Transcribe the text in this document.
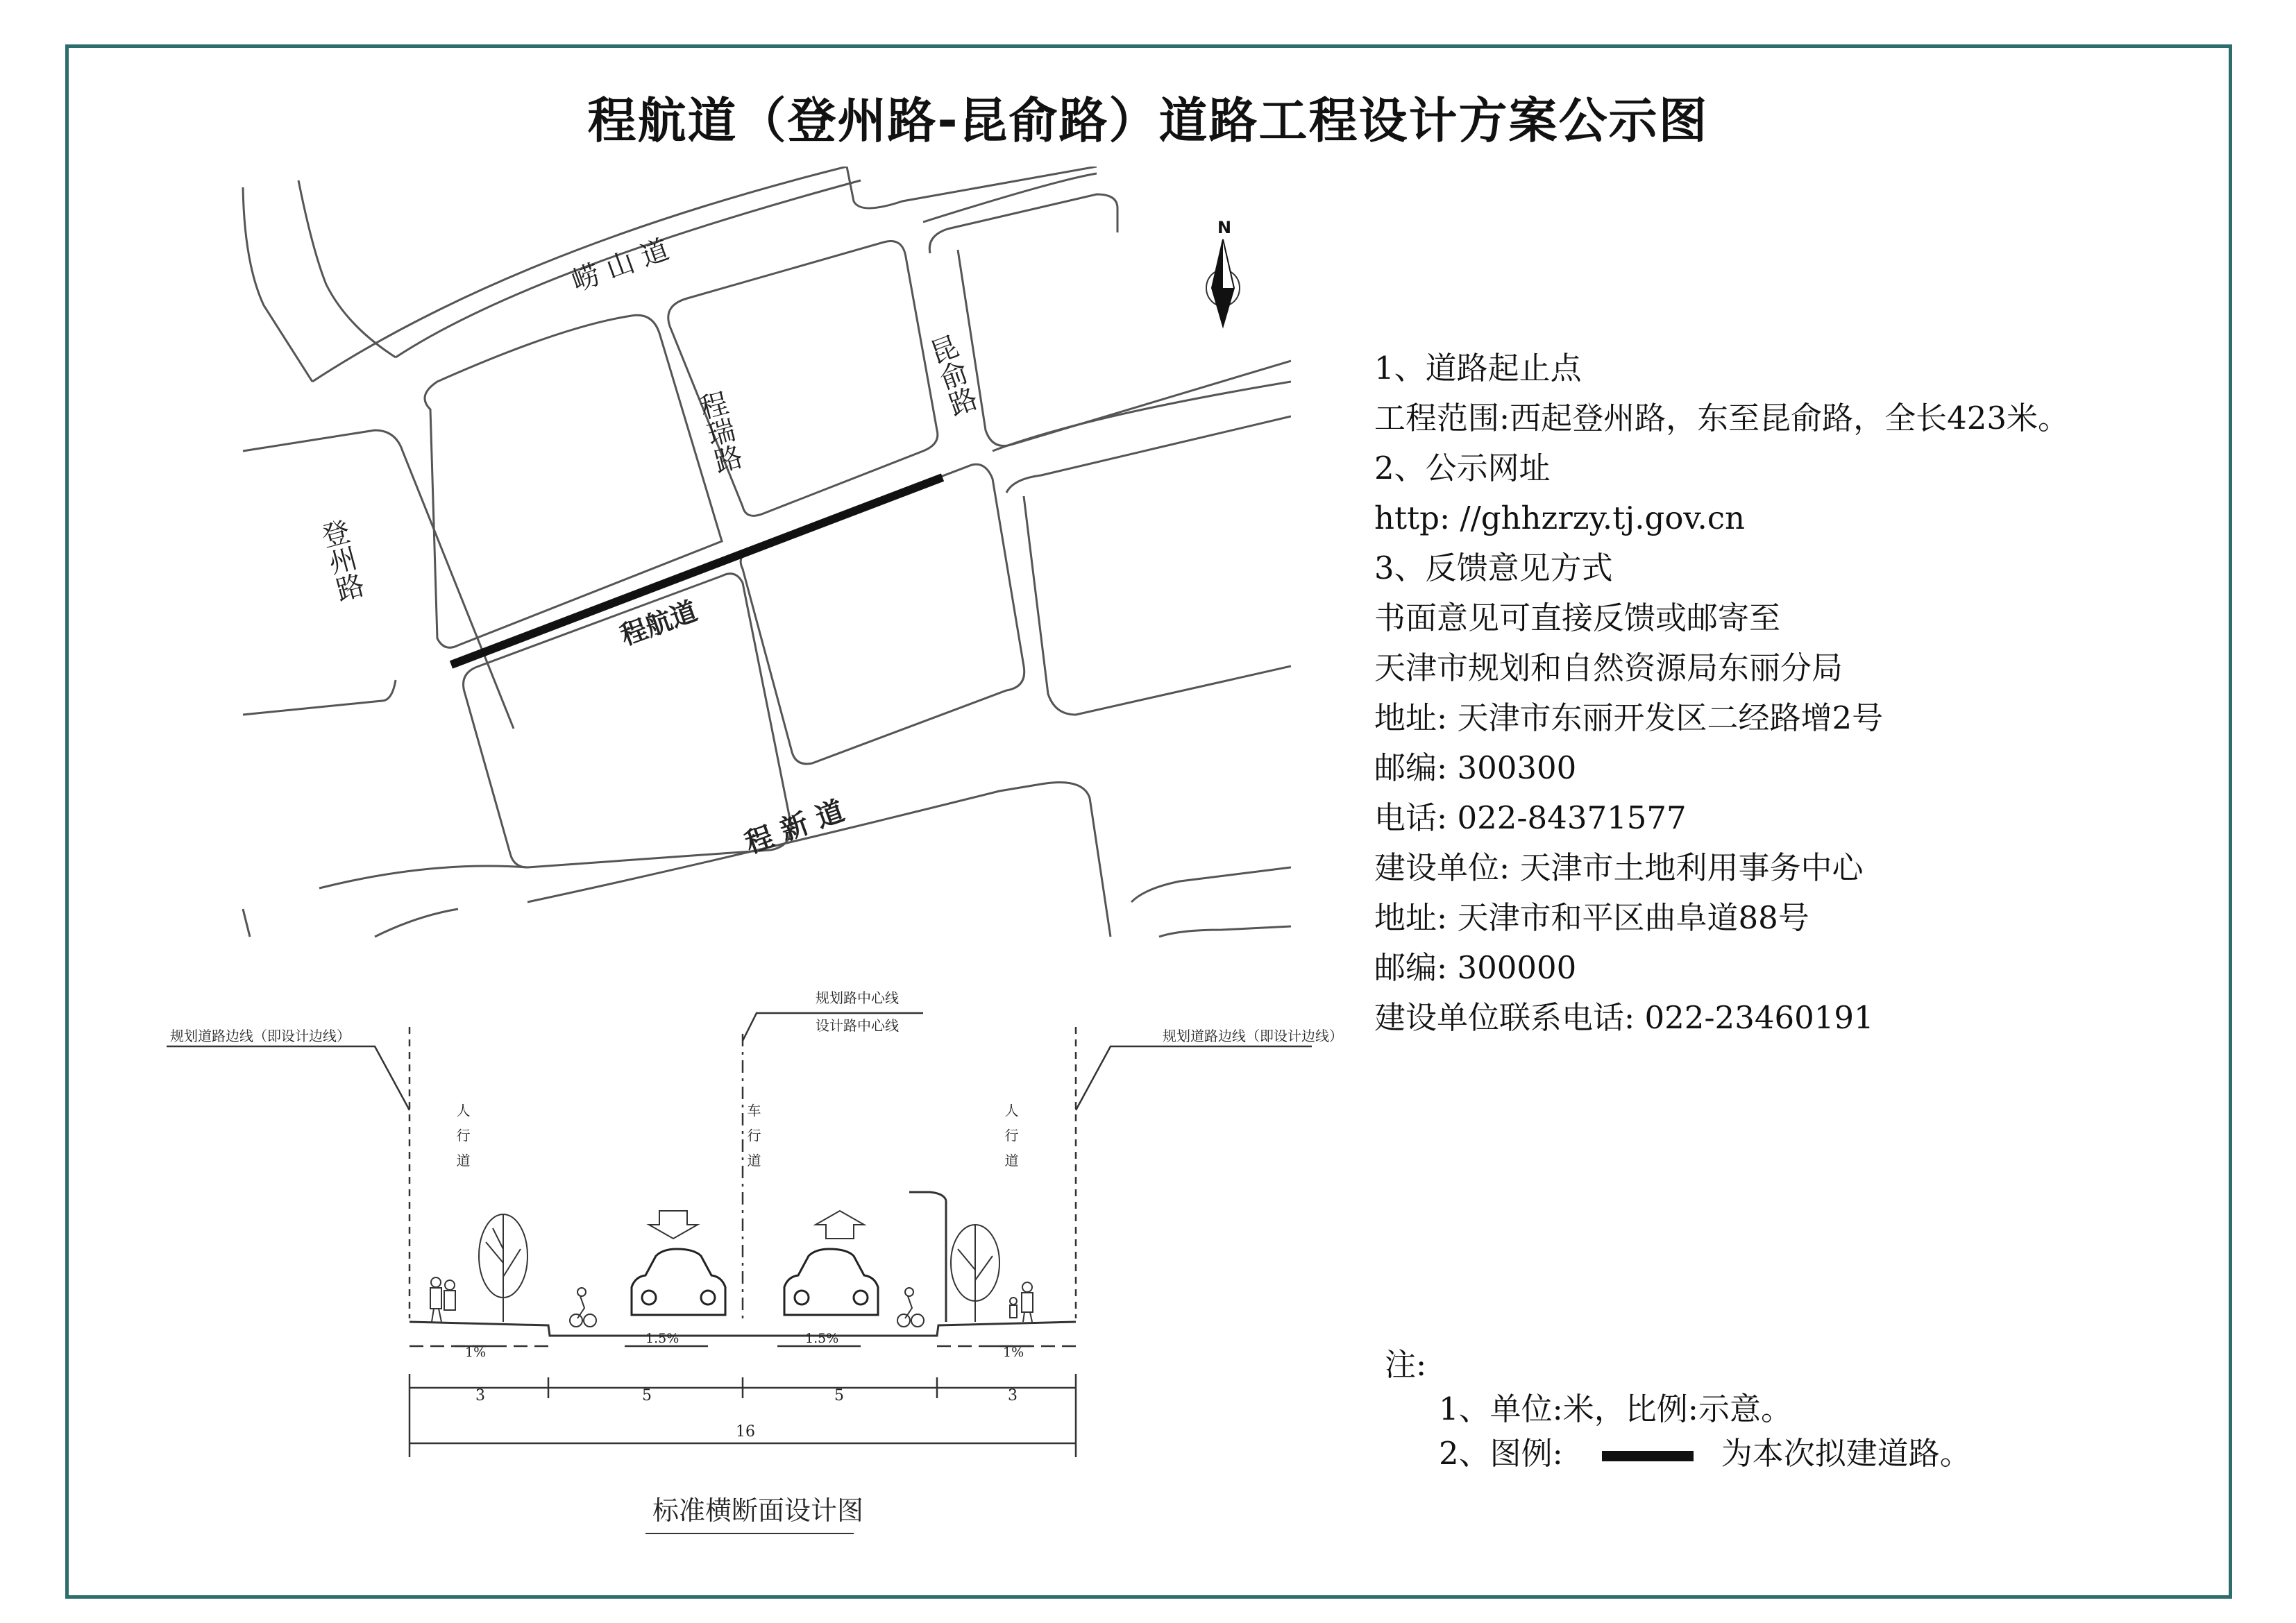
程航道（登州路-昆俞路）道路工程设计方案公示图
崂 山 道
昆俞路
程瑞路
登州路
程航道
程 新 道
N
规划道路边线（即设计边线）	规划道路边线（即设计边线）
规划路中心线
设计路中心线
人行道	车行道	人行道
1%
1.5%	1.5%
1%
3	5	5	3
16
标准横断面设计图
1、道路起止点
工程范围:西起登州路，东至昆俞路，全长423米。
2、公示网址
http: //ghhzrzy.tj.gov.cn
3、反馈意见方式
书面意见可直接反馈或邮寄至
天津市规划和自然资源局东丽分局
地址: 天津市东丽开发区二经路增2号
邮编: 300300
电话: 022-84371577
建设单位: 天津市土地利用事务中心
地址: 天津市和平区曲阜道88号
邮编: 300000
建设单位联系电话: 022-23460191
注:
1、单位:米，比例:示意。
2、图例:	为本次拟建道路。
